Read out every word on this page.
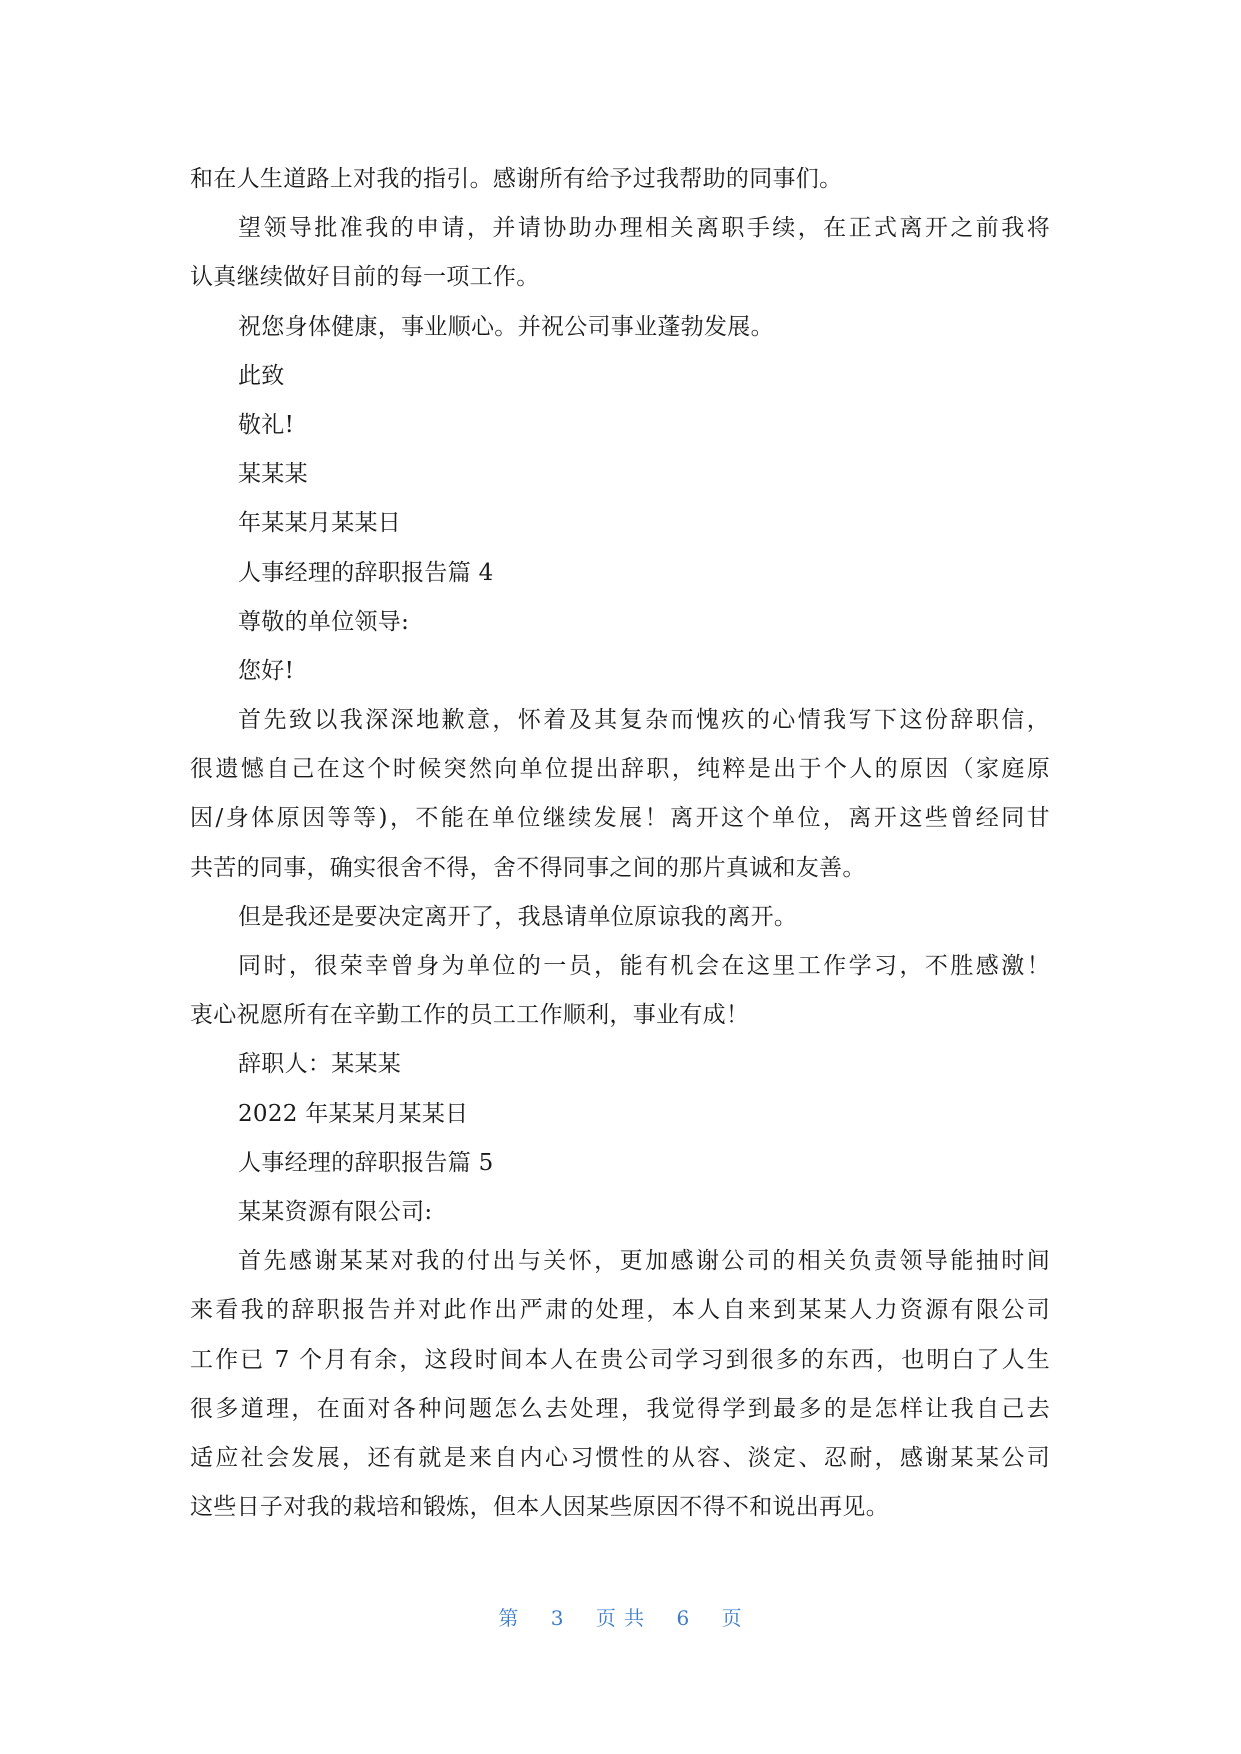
和在人生道路上对我的指引。感谢所有给予过我帮助的同事们。
望领导批准我的申请，并请协助办理相关离职手续，在正式离开之前我将
认真继续做好目前的每一项工作。
祝您身体健康，事业顺心。并祝公司事业蓬勃发展。
此致
敬礼!
某某某
年某某月某某日
人事经理的辞职报告篇 4
尊敬的单位领导:
您好!
首先致以我深深地歉意，怀着及其复杂而愧疚的心情我写下这份辞职信，
很遗憾自己在这个时候突然向单位提出辞职，纯粹是出于个人的原因（家庭原
因/身体原因等等)，不能在单位继续发展！离开这个单位，离开这些曾经同甘
共苦的同事，确实很舍不得，舍不得同事之间的那片真诚和友善。
但是我还是要决定离开了，我恳请单位原谅我的离开。
同时，很荣幸曾身为单位的一员，能有机会在这里工作学习，不胜感激！
衷心祝愿所有在辛勤工作的员工工作顺利，事业有成！
辞职人：某某某
2022 年某某月某某日
人事经理的辞职报告篇 5
某某资源有限公司:
首先感谢某某对我的付出与关怀，更加感谢公司的相关负责领导能抽时间
来看我的辞职报告并对此作出严肃的处理，本人自来到某某人力资源有限公司
工作已 7 个月有余，这段时间本人在贵公司学习到很多的东西，也明白了人生
很多道理，在面对各种问题怎么去处理，我觉得学到最多的是怎样让我自己去
适应社会发展，还有就是来自内心习惯性的从容、淡定、忍耐，感谢某某公司
这些日子对我的栽培和锻炼，但本人因某些原因不得不和说出再见。
第 3 页 共 6 页
